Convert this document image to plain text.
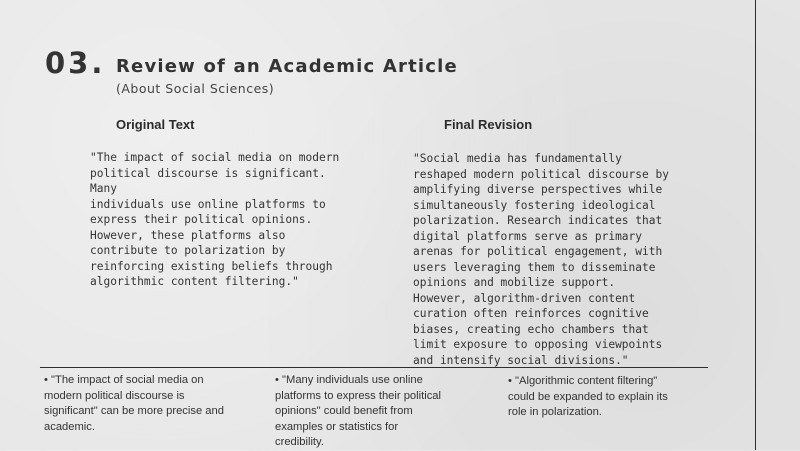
03. Review of an Academic Article
(About Social Sciences)
Original Text	Final Revision
"The impact of social media on modern
political discourse is significant. Many
individuals use online platforms to
express their political opinions.
However, these platforms also
contribute to polarization by
reinforcing existing beliefs through
algorithmic content filtering."
"Social media has fundamentally
reshaped modern political discourse by
amplifying diverse perspectives while
simultaneously fostering ideological
polarization. Research indicates that
digital platforms serve as primary
arenas for political engagement, with
users leveraging them to disseminate
opinions and mobilize support.
However, algorithm-driven content
curation often reinforces cognitive
biases, creating echo chambers that
limit exposure to opposing viewpoints
and intensify social divisions."
• "The impact of social media on
modern political discourse is
significant" can be more precise and
academic.
• "Many individuals use online
platforms to express their political
opinions" could benefit from
examples or statistics for
credibility.
• "Algorithmic content filtering"
could be expanded to explain its
role in polarization.
